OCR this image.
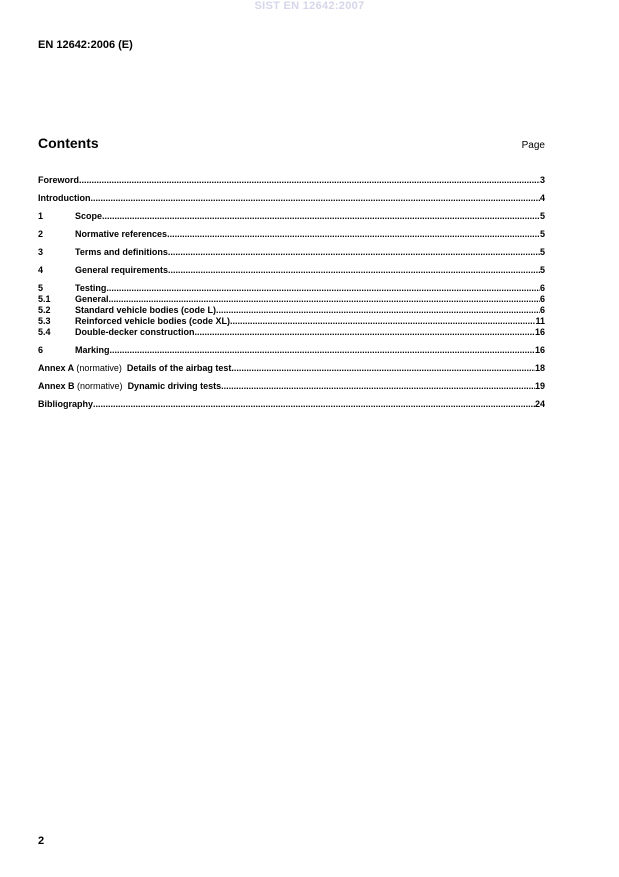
SIST EN 12642:2007
EN 12642:2006 (E)
Contents	Page
Foreword .....	3
Introduction .....	4
1	Scope .....	5
2	Normative references .....	5
3	Terms and definitions .....	5
4	General requirements .....	5
5	Testing .....	6
5.1	General .....	6
5.2	Standard vehicle bodies (code L) .....	6
5.3	Reinforced vehicle bodies (code XL) .....	11
5.4	Double-decker construction .....	16
6	Marking .....	16
Annex A (normative) Details of the airbag test .....	18
Annex B (normative) Dynamic driving tests .....	19
Bibliography .....	24
2
